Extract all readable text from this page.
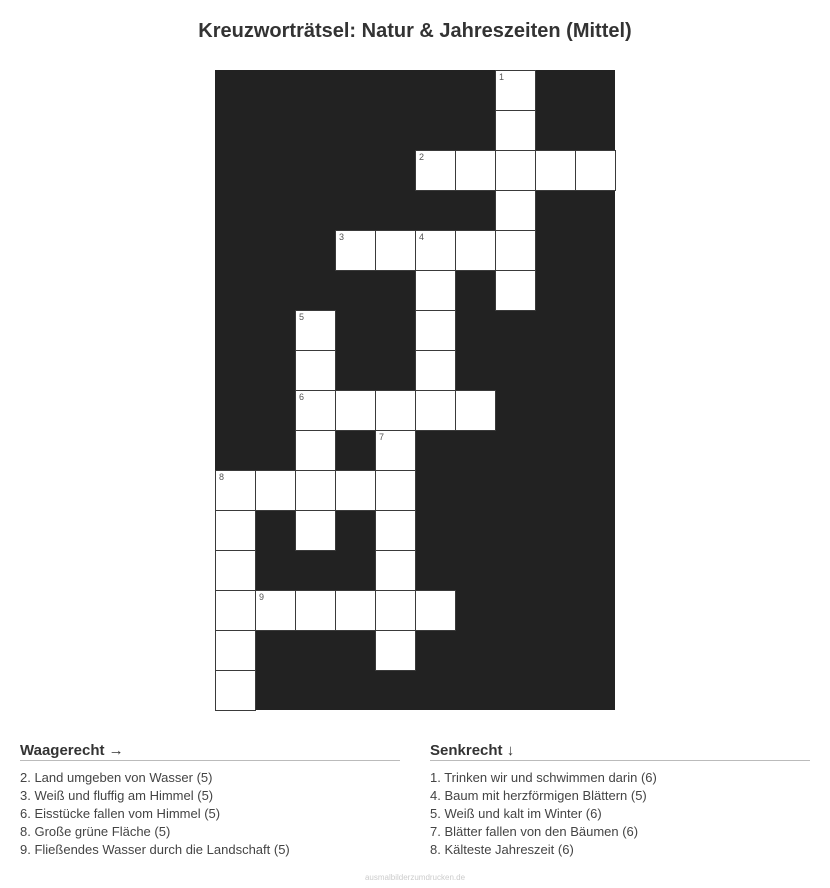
Kreuzworträtsel: Natur & Jahreszeiten (Mittel)
1
2
3	4
5
6
7
8
9
Waagerecht →
2. Land umgeben von Wasser (5)
3. Weiß und fluffig am Himmel (5)
6. Eisstücke fallen vom Himmel (5)
8. Große grüne Fläche (5)
9. Fließendes Wasser durch die Landschaft (5)
Senkrecht ↓
1. Trinken wir und schwimmen darin (6)
4. Baum mit herzförmigen Blättern (5)
5. Weiß und kalt im Winter (6)
7. Blätter fallen von den Bäumen (6)
8. Kälteste Jahreszeit (6)
ausmalbilderzumdrucken.de
